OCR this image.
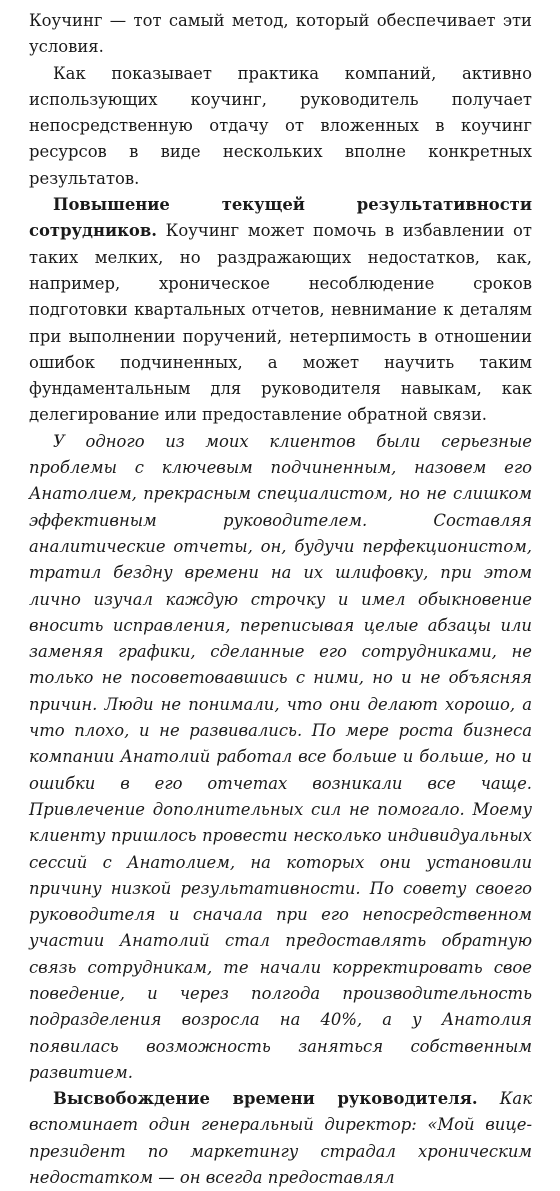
Коучинг — тот самый метод, который обеспечивает эти условия.

Как показывает практика компаний, активно использующих коучинг, руководитель получает непосредственную отдачу от вложенных в коучинг ресурсов в виде нескольких вполне конкретных результатов.

Повышение текущей результативности сотрудников. Коучинг может помочь в избавлении от таких мелких, но раздражающих недостатков, как, например, хроническое несоблюдение сроков подготовки квартальных отчетов, невнимание к деталям при выполнении поручений, нетерпимость в отношении ошибок подчиненных, а может научить таким фундаментальным для руководителя навыкам, как делегирование или предоставление обратной связи.

У одного из моих клиентов были серьезные проблемы с ключевым подчиненным, назовем его Анатолием, прекрасным специалистом, но не слишком эффективным руководителем. Составляя аналитические отчеты, он, будучи перфекционистом, тратил бездну времени на их шлифовку, при этом лично изучал каждую строчку и имел обыкновение вносить исправления, переписывая целые абзацы или заменяя графики, сделанные его сотрудниками, не только не посоветовавшись с ними, но и не объясняя причин. Люди не понимали, что они делают хорошо, а что плохо, и не развивались. По мере роста бизнеса компании Анатолий работал все больше и больше, но и ошибки в его отчетах возникали все чаще. Привлечение дополнительных сил не помогало. Моему клиенту пришлось провести несколько индивидуальных сессий с Анатолием, на которых они установили причину низкой результативности. По совету своего руководителя и сначала при его непосредственном участии Анатолий стал предоставлять обратную связь сотрудникам, те начали корректировать свое поведение, и через полгода производительность подразделения возросла на 40%, а у Анатолия появилась возможность заняться собственным развитием.

Высвобождение времени руководителя. Как вспоминает один генеральный директор: «Мой вице-президент по маркетингу страдал хроническим недостатком — он всегда предоставлял
